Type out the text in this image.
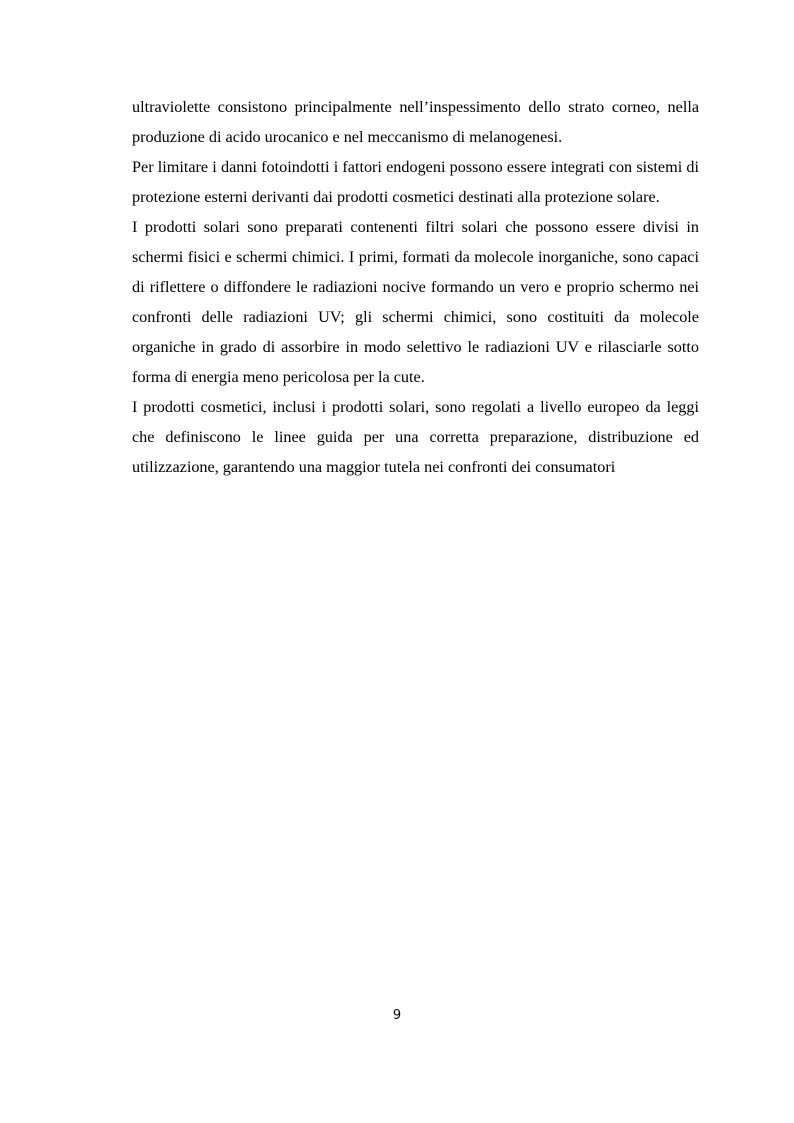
ultraviolette consistono principalmente nell’inspessimento dello strato corneo, nella produzione di acido urocanico e nel meccanismo di melanogenesi.

Per limitare i danni fotoindotti i fattori endogeni possono essere integrati con sistemi di protezione esterni derivanti dai prodotti cosmetici destinati alla protezione solare.

I prodotti solari sono preparati contenenti filtri solari che possono essere divisi in schermi fisici e schermi chimici. I primi, formati da molecole inorganiche, sono capaci di riflettere o diffondere le radiazioni nocive formando un vero e proprio schermo nei confronti delle radiazioni UV; gli schermi chimici, sono costituiti da molecole organiche in grado di assorbire in modo selettivo le radiazioni UV e rilasciarle sotto forma di energia meno pericolosa per la cute.

I prodotti cosmetici, inclusi i prodotti solari, sono regolati a livello europeo da leggi che definiscono le linee guida per una corretta preparazione, distribuzione ed utilizzazione, garantendo una maggior tutela nei confronti dei consumatori

9
